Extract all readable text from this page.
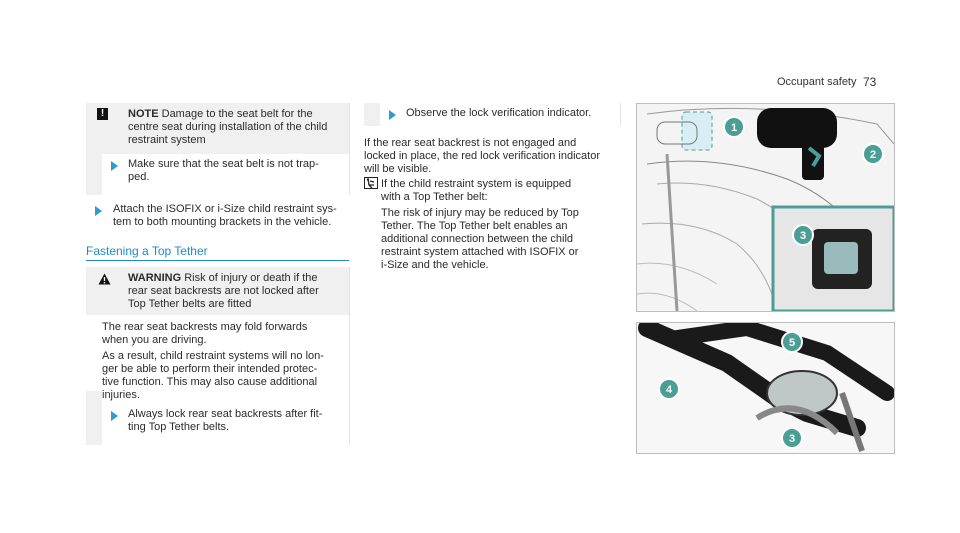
Occupant safety 73
!	NOTE Damage to the seat belt for the
centre seat during installation of the child
restraint system
Make sure that the seat belt is not trap-
ped.
Attach the ISOFIX or i-Size child restraint sys-
tem to both mounting brackets in the vehicle.
Fastening a Top Tether
WARNING Risk of injury or death if the
rear seat backrests are not locked after
Top Tether belts are fitted
The rear seat backrests may fold forwards
when you are driving.
As a result, child restraint systems will no lon-
ger be able to perform their intended protec-
tive function. This may also cause additional
injuries.
Always lock rear seat backrests after fit-
ting Top Tether belts.
Observe the lock verification indicator.
If the rear seat backrest is not engaged and
locked in place, the red lock verification indicator
will be visible.
If the child restraint system is equipped
with a Top Tether belt:
The risk of injury may be reduced by Top
Tether. The Top Tether belt enables an
additional connection between the child
restraint system attached with ISOFIX or
i-Size and the vehicle.
1
2
3
5
4
3
